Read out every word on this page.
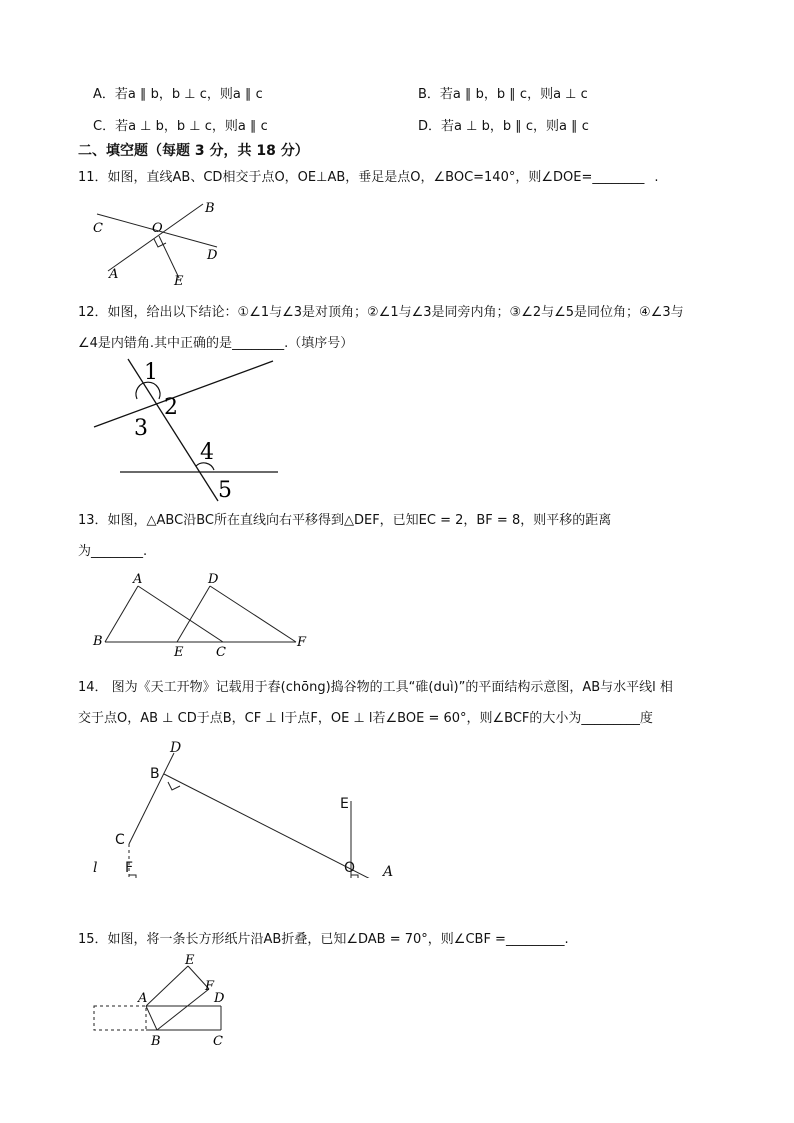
A．若a ∥ b，b ⊥ c，则a ∥ c	B．若a ∥ b，b ∥ c，则a ⊥ c
C．若a ⊥ b，b ⊥ c，则a ∥ c	D．若a ⊥ b，b ∥ c，则a ∥ c
二、填空题（每题 3 分，共 18 分）
11．如图，直线AB、CD相交于点O，OE⊥AB，垂足是点O，∠BOC=140°，则∠DOE=________ .
C	O
B
D
A	E
12．如图，给出以下结论：①∠1与∠3是对顶角；②∠1与∠3是同旁内角；③∠2与∠5是同位角；④∠3与
∠4是内错角.其中正确的是________.（填序号）
1
2
3
4
5
13．如图，△ABC沿BC所在直线向右平移得到△DEF，已知EC = 2，BF = 8，则平移的距离
为________.
A	D
B
E	C
F
14． 图为《天工开物》记载用于舂(chōng)捣谷物的工具“碓(duì)”的平面结构示意图，AB与水平线l 相
交于点O，AB ⊥ CD于点B，CF ⊥ l于点F，OE ⊥ l若∠BOE = 60°，则∠BCF的大小为_________度
D
B
E
C
l F	O A
15．如图，将一条长方形纸片沿AB折叠，已知∠DAB = 70°，则∠CBF =_________.
E
F
A	D
B	C
